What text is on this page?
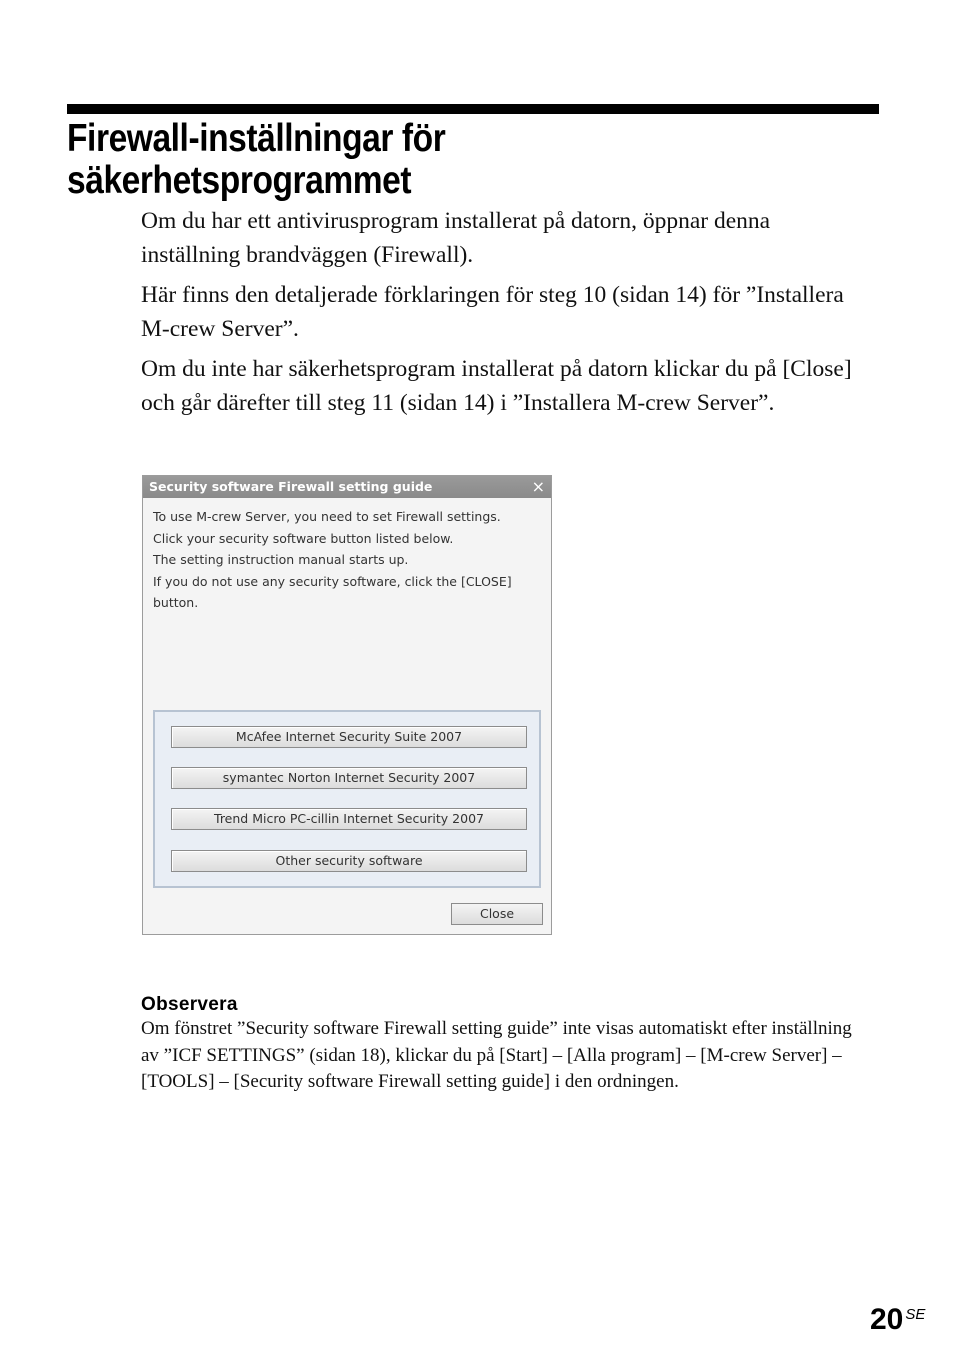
Firewall-inställningar för
säkerhetsprogrammet

Om du har ett antivirusprogram installerat på datorn, öppnar denna inställning brandväggen (Firewall).

Här finns den detaljerade förklaringen för steg 10 (sidan 14) för ”Installera M-crew Server”.

Om du inte har säkerhetsprogram installerat på datorn klickar du på [Close] och går därefter till steg 11 (sidan 14) i ”Installera M-crew Server”.

Security software Firewall setting guide	×
To use M-crew Server, you need to set Firewall settings.
Click your security software button listed below.
The setting instruction manual starts up.
If you do not use any security software, click the [CLOSE]
button.
McAfee Internet Security Suite 2007
symantec Norton Internet Security 2007
Trend Micro PC-cillin Internet Security 2007
Other security software
Close
Observera
Om fönstret ”Security software Firewall setting guide” inte visas automatiskt efter inställning av ”ICF SETTINGS” (sidan 18), klickar du på [Start] – [Alla program] – [M-crew Server] – [TOOLS] – [Security software Firewall setting guide] i den ordningen.
20 $^{SE}$
